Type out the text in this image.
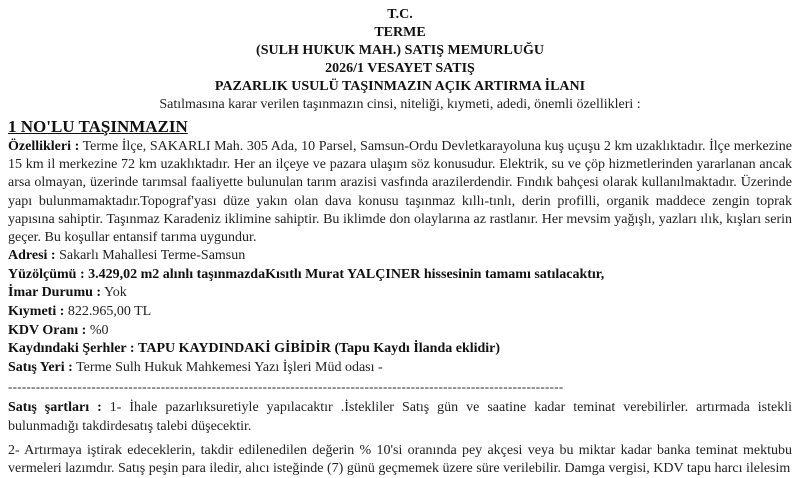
T.C.
TERME
(SULH HUKUK MAH.) SATIŞ MEMURLUĞU
2026/1 VESAYET SATIŞ
PAZARLIK USULÜ TAŞINMAZIN AÇIK ARTIRMA İLANI
Satılmasına karar verilen taşınmazın cinsi, niteliği, kıymeti, adedi, önemli özellikleri :
1 NO'LU TAŞINMAZIN
Özellikleri : Terme İlçe, SAKARLI Mah. 305 Ada, 10 Parsel, Samsun-Ordu Devletkarayoluna kuş uçuşu 2 km uzaklıktadır. İlçe merkezine 15 km il merkezine 72 km uzaklıktadır. Her an ilçeye ve pazara ulaşım söz konusudur. Elektrik, su ve çöp hizmetlerinden yararlanan ancak arsa olmayan, üzerinde tarımsal faaliyette bulunulan tarım arazisi vasfında arazilerdendir. Fındık bahçesi olarak kullanılmaktadır. Üzerinde yapı bulunmamaktadır.Topograf'yası düze yakın olan dava konusu taşınmaz kıllı-tınlı, derin profilli, organik maddece zengin toprak yapısına sahiptir. Taşınmaz Karadeniz iklimine sahiptir. Bu iklimde don olaylarına az rastlanır. Her mevsim yağışlı, yazları ılık, kışları serin geçer. Bu koşullar entansif tarıma uygundur.
Adresi : Sakarlı Mahallesi Terme-Samsun
Yüzölçümü : 3.429,02 m2 alınlı taşınmazdaKısıtlı Murat YALÇINER hissesinin tamamı satılacaktır,
İmar Durumu : Yok
Kıymeti : 822.965,00 TL
KDV Oranı : %0
Kaydındaki Şerhler : TAPU KAYDINDAKİ GİBİDİR (Tapu Kaydı İlanda eklidir)
Satış Yeri : Terme Sulh Hukuk Mahkemesi Yazı İşleri Müd odası -
------------------------------------------------------------------------------------------------------------------------
Satış şartları : 1- İhale pazarlıksuretiyle yapılacaktır .İstekliler Satış gün ve saatine kadar teminat verebilirler. artırmada istekli bulunmadığı takdirdesatış talebi düşecektir.
2- Artırmaya iştirak edeceklerin, takdir edilenedilen değerin % 10'si oranında pey akçesi veya bu miktar kadar banka teminat mektubu vermeleri lazımdır. Satış peşin para iledir, alıcı isteğinde (7) günü geçmemek üzere süre verilebilir. Damga vergisi, KDV tapu harcı ilelesim
